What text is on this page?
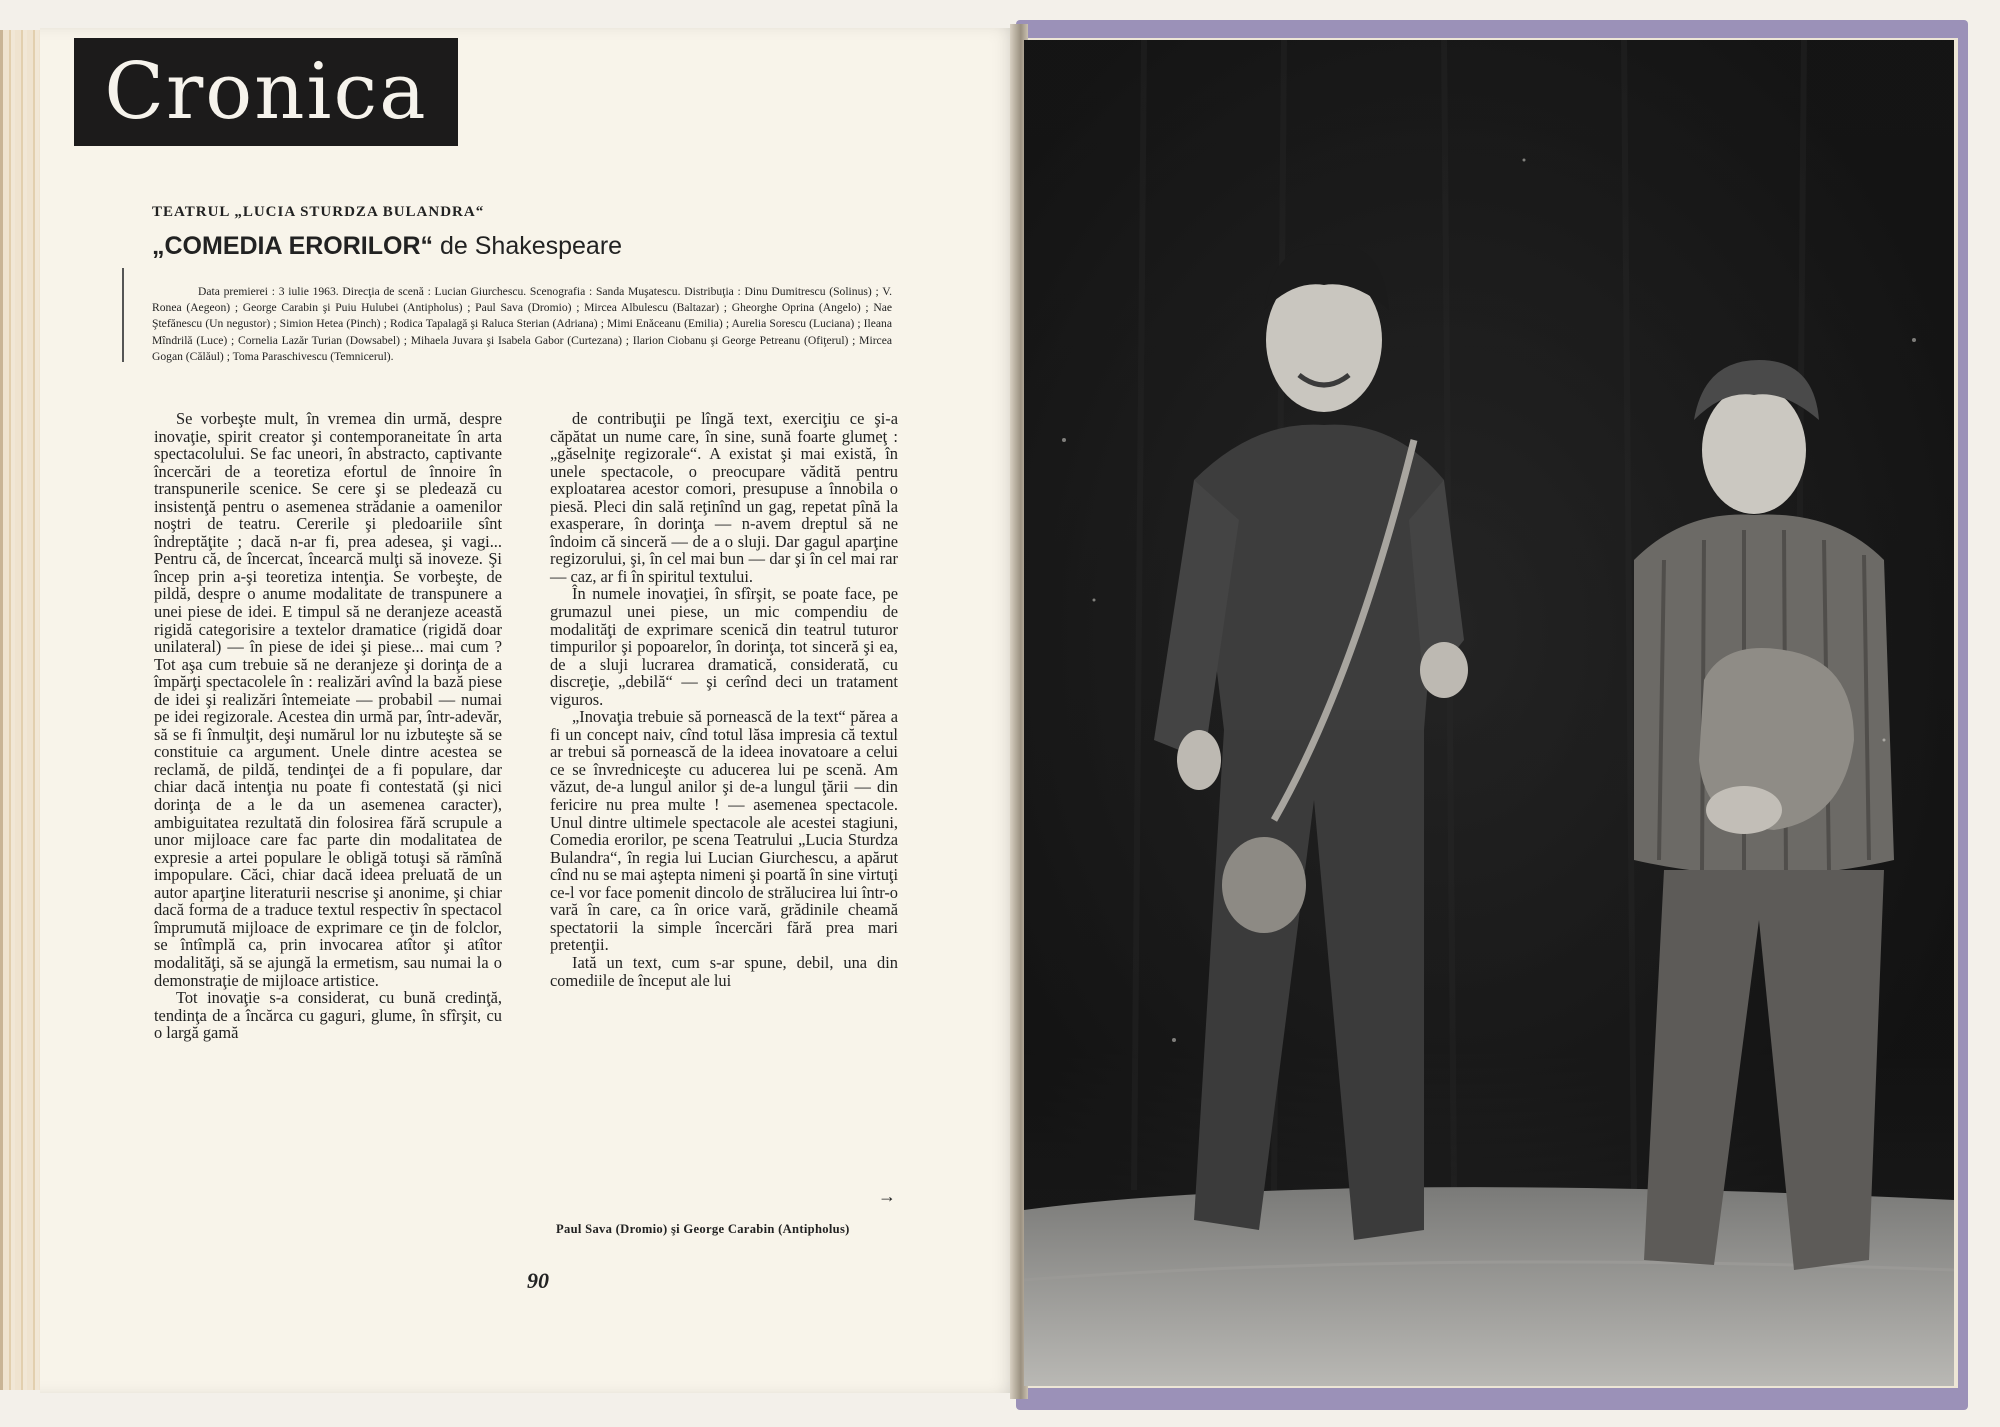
Cronica
TEATRUL „LUCIA STURDZA BULANDRA“
„COMEDIA ERORILOR“ de Shakespeare
Data premierei : 3 iulie 1963. Direcţia de scenă : Lucian Giurchescu. Scenografia : Sanda Muşatescu. Distribuţia : Dinu Dumitrescu (Solinus) ; V. Ronea (Aegeon) ; George Carabin şi Puiu Hulubei (Antipholus) ; Paul Sava (Dromio) ; Mircea Albulescu (Baltazar) ; Gheorghe Oprina (Angelo) ; Nae Ştefănescu (Un negustor) ; Simion Hetea (Pinch) ; Rodica Tapalagă şi Raluca Sterian (Adriana) ; Mimi Enăceanu (Emilia) ; Aurelia Sorescu (Luciana) ; Ileana Mîndrilă (Luce) ; Cornelia Lazăr Turian (Dowsabel) ; Mihaela Juvara şi Isabela Gabor (Curtezana) ; Ilarion Ciobanu şi George Petreanu (Ofiţerul) ; Mircea Gogan (Călăul) ; Toma Paraschivescu (Temnicerul).

Se vorbeşte mult, în vremea din urmă, despre inovaţie, spirit creator şi contemporaneitate în arta spectacolului. Se fac uneori, în abstracto, captivante încercări de a teoretiza efortul de înnoire în transpunerile scenice. Se cere şi se pledează cu insistenţă pentru o asemenea strădanie a oamenilor noştri de teatru. Cererile şi pledoariile sînt îndreptăţite ; dacă n-ar fi, prea adesea, şi vagi... Pentru că, de încercat, încearcă mulţi să inoveze. Şi încep prin a-şi teoretiza intenţia. Se vorbeşte, de pildă, despre o anume modalitate de transpunere a unei piese de idei. E timpul să ne deranjeze această rigidă categorisire a textelor dramatice (rigidă doar unilateral) — în piese de idei şi piese... mai cum ? Tot aşa cum trebuie să ne deranjeze şi dorinţa de a împărţi spectacolele în : realizări avînd la bază piese de idei şi realizări întemeiate — probabil — numai pe idei regizorale. Acestea din urmă par, într-adevăr, să se fi înmulţit, deşi numărul lor nu izbuteşte să se constituie ca argument. Unele dintre acestea se reclamă, de pildă, tendinţei de a fi populare, dar chiar dacă intenţia nu poate fi contestată (şi nici dorinţa de a le da un asemenea caracter), ambiguitatea rezultată din folosirea fără scrupule a unor mijloace care fac parte din modalitatea de expresie a artei populare le obligă totuşi să rămînă impopulare. Căci, chiar dacă ideea preluată de un autor aparţine literaturii nescrise şi anonime, şi chiar dacă forma de a traduce textul respectiv în spectacol împrumută mijloace de exprimare ce ţin de folclor, se întîmplă ca, prin invocarea atîtor şi atîtor modalităţi, să se ajungă la ermetism, sau numai la o demonstraţie de mijloace artistice.

Tot inovaţie s-a considerat, cu bună credinţă, tendinţa de a încărca cu gaguri, glume, în sfîrşit, cu o largă gamă

de contribuţii pe lîngă text, exerciţiu ce şi-a căpătat un nume care, în sine, sună foarte glumeţ : „găselniţe regizorale“. A existat şi mai există, în unele spectacole, o preocupare vădită pentru exploatarea acestor comori, presupuse a înnobila o piesă. Pleci din sală reţinînd un gag, repetat pînă la exasperare, în dorinţa — n-avem dreptul să ne îndoim că sinceră — de a o sluji. Dar gagul aparţine regizorului, şi, în cel mai bun — dar şi în cel mai rar — caz, ar fi în spiritul textului.

În numele inovaţiei, în sfîrşit, se poate face, pe grumazul unei piese, un mic compendiu de modalităţi de exprimare scenică din teatrul tuturor timpurilor şi popoarelor, în dorinţa, tot sinceră şi ea, de a sluji lucrarea dramatică, considerată, cu discreţie, „debilă“ — şi cerînd deci un tratament viguros.

„Inovaţia trebuie să pornească de la text“ părea a fi un concept naiv, cînd totul lăsa impresia că textul ar trebui să pornească de la ideea inovatoare a celui ce se învredniceşte cu aducerea lui pe scenă. Am văzut, de-a lungul anilor şi de-a lungul ţării — din fericire nu prea multe ! — asemenea spectacole. Unul dintre ultimele spectacole ale acestei stagiuni, Comedia erorilor, pe scena Teatrului „Lucia Sturdza Bulandra“, în regia lui Lucian Giurchescu, a apărut cînd nu se mai aştepta nimeni şi poartă în sine virtuţi ce-l vor face pomenit dincolo de strălucirea lui într-o vară în care, ca în orice vară, grădinile cheamă spectatorii la simple încercări fără prea mari pretenţii.

Iată un text, cum s-ar spune, debil, una din comediile de început ale lui

→
Paul Sava (Dromio) şi George Carabin (Antipholus)
90
